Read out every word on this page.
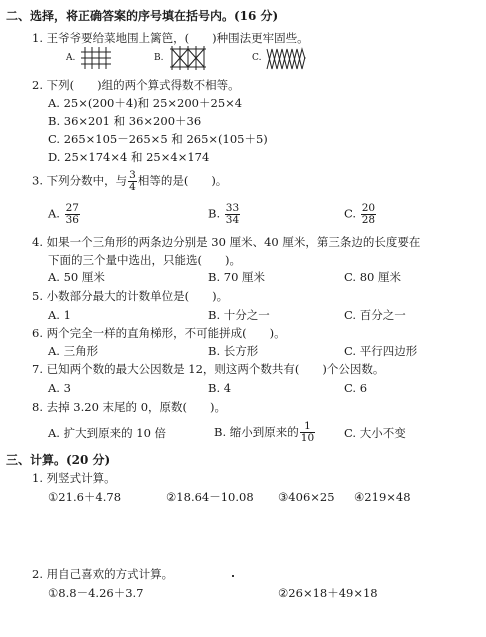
二、选择，将正确答案的序号填在括号内。(16 分)
1. 王爷爷要给菜地围上篱笆，(　　)种围法更牢固些。
A.	B.	C.
2. 下列(　　)组的两个算式得数不相等。
A. 25×(200＋4)和 25×200＋25×4
B. 36×201 和 36×200＋36
C. 265×105－265×5 和 265×(105＋5)
D. 25×174×4 和 25×4×174
3. 下列分数中，与 $\frac{3}{4}$ 相等的是(　　)。
A. $\frac{27}{36}$	B. $\frac{33}{34}$	C. $\frac{20}{28}$
4. 如果一个三角形的两条边分别是 30 厘米、40 厘米，第三条边的长度要在
下面的三个量中选出，只能选(　　)。
A. 50 厘米	B. 70 厘米	C. 80 厘米
5. 小数部分最大的计数单位是(　　)。
A. 1	B. 十分之一	C. 百分之一
6. 两个完全一样的直角梯形，不可能拼成(　　)。
A. 三角形	B. 长方形	C. 平行四边形
7. 已知两个数的最大公因数是 12，则这两个数共有(　　)个公因数。
A. 3	B. 4	C. 6
8. 去掉 3.20 末尾的 0，原数(　　)。
A. 扩大到原来的 10 倍	B. 缩小到原来的 $\frac{1}{10}$	C. 大小不变
三、计算。(20 分)
1. 列竖式计算。
①21.6＋4.78	②18.64－10.08 ③406×25 ④219×48
2. 用自己喜欢的方式计算。
①8.8－4.26＋3.7	②26×18＋49×18
